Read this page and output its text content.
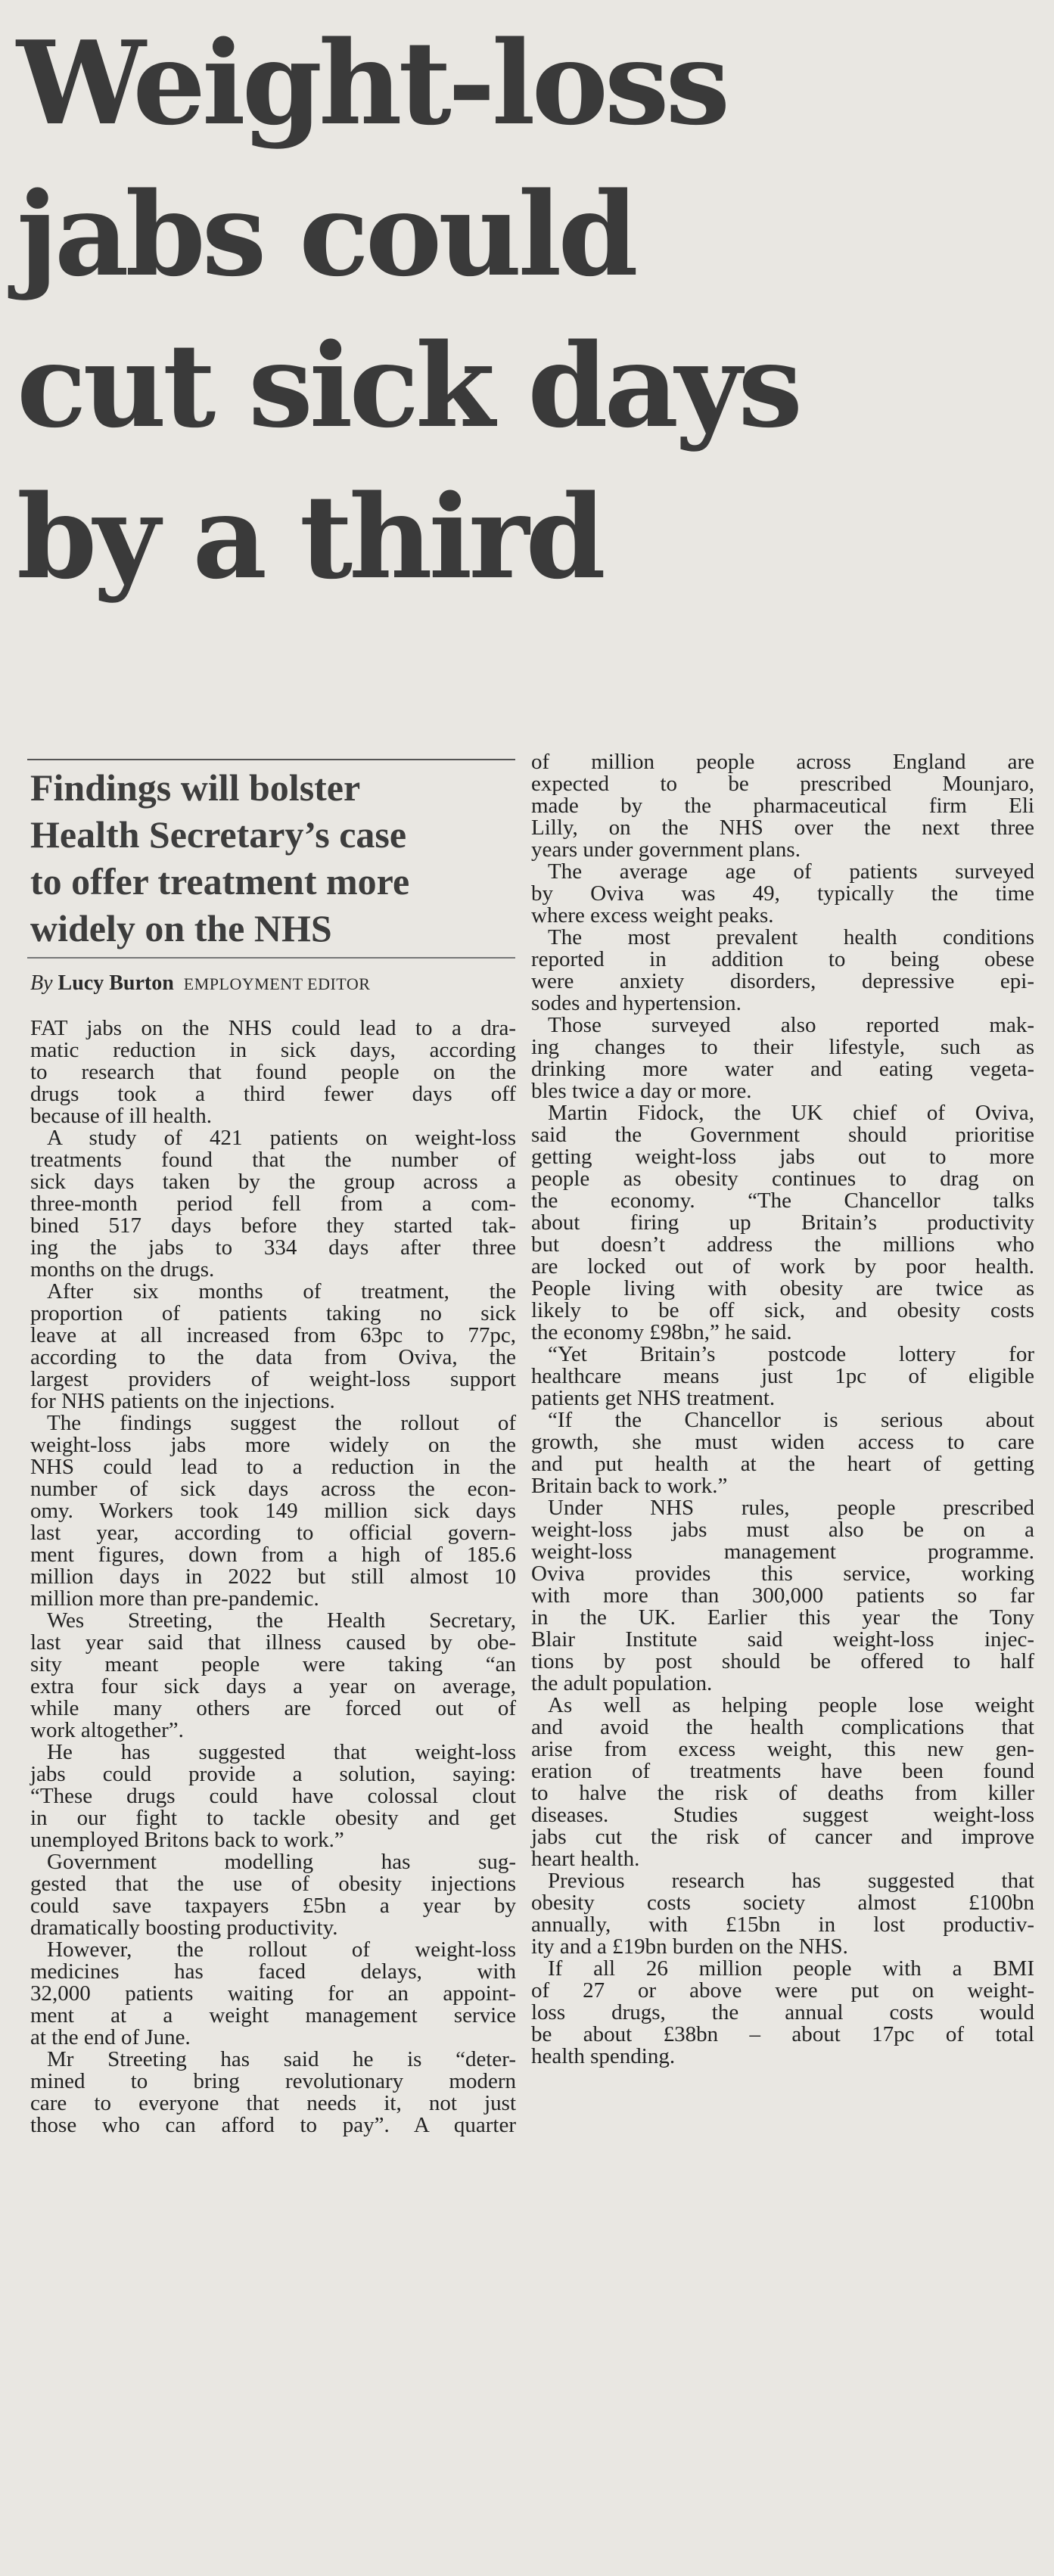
Weight-loss
jabs could
cut sick days
by a third
Findings will bolster
Health Secretary’s case
to offer treatment more
widely on the NHS
By Lucy Burton EMPLOYMENT EDITOR

FAT jabs on the NHS could lead to a dra-
matic reduction in sick days, according
to research that found people on the
drugs took a third fewer days off
because of ill health.

A study of 421 patients on weight-loss
treatments found that the number of
sick days taken by the group across a
three-month period fell from a com-
bined 517 days before they started tak-
ing the jabs to 334 days after three
months on the drugs.

After six months of treatment, the
proportion of patients taking no sick
leave at all increased from 63pc to 77pc,
according to the data from Oviva, the
largest providers of weight-loss support
for NHS patients on the injections.

The findings suggest the rollout of
weight-loss jabs more widely on the
NHS could lead to a reduction in the
number of sick days across the econ-
omy. Workers took 149 million sick days
last year, according to official govern-
ment figures, down from a high of 185.6
million days in 2022 but still almost 10
million more than pre-pandemic.

Wes Streeting, the Health Secretary,
last year said that illness caused by obe-
sity meant people were taking “an
extra four sick days a year on average,
while many others are forced out of
work altogether”.

He has suggested that weight-loss
jabs could provide a solution, saying:
“These drugs could have colossal clout
in our fight to tackle obesity and get
unemployed Britons back to work.”

Government modelling has sug-
gested that the use of obesity injections
could save taxpayers £5bn a year by
dramatically boosting productivity.

However, the rollout of weight-loss
medicines has faced delays, with
32,000 patients waiting for an appoint-
ment at a weight management service
at the end of June.

Mr Streeting has said he is “deter-
mined to bring revolutionary modern
care to everyone that needs it, not just
those who can afford to pay”. A quarter

of million people across England are
expected to be prescribed Mounjaro,
made by the pharmaceutical firm Eli
Lilly, on the NHS over the next three
years under government plans.

The average age of patients surveyed
by Oviva was 49, typically the time
where excess weight peaks.

The most prevalent health conditions
reported in addition to being obese
were anxiety disorders, depressive epi-
sodes and hypertension.

Those surveyed also reported mak-
ing changes to their lifestyle, such as
drinking more water and eating vegeta-
bles twice a day or more.

Martin Fidock, the UK chief of Oviva,
said the Government should prioritise
getting weight-loss jabs out to more
people as obesity continues to drag on
the economy. “The Chancellor talks
about firing up Britain’s productivity
but doesn’t address the millions who
are locked out of work by poor health.
People living with obesity are twice as
likely to be off sick, and obesity costs
the economy £98bn,” he said.

“Yet Britain’s postcode lottery for
healthcare means just 1pc of eligible
patients get NHS treatment.

“If the Chancellor is serious about
growth, she must widen access to care
and put health at the heart of getting
Britain back to work.”

Under NHS rules, people prescribed
weight-loss jabs must also be on a
weight-loss management programme.
Oviva provides this service, working
with more than 300,000 patients so far
in the UK. Earlier this year the Tony
Blair Institute said weight-loss injec-
tions by post should be offered to half
the adult population.

As well as helping people lose weight
and avoid the health complications that
arise from excess weight, this new gen-
eration of treatments have been found
to halve the risk of deaths from killer
diseases. Studies suggest weight-loss
jabs cut the risk of cancer and improve
heart health.

Previous research has suggested that
obesity costs society almost £100bn
annually, with £15bn in lost productiv-
ity and a £19bn burden on the NHS.

If all 26 million people with a BMI
of 27 or above were put on weight-
loss drugs, the annual costs would
be about £38bn – about 17pc of total
health spending.
